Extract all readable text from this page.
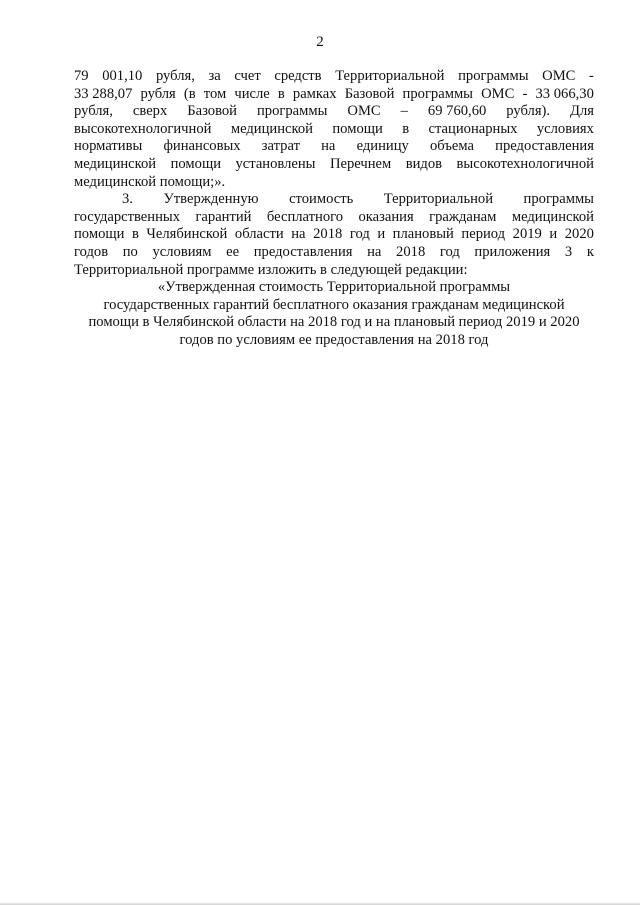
2
79 001,10 рубля, за счет средств Территориальной программы ОМС -
33 288,07 рубля (в том числе в рамках Базовой программы ОМС - 33 066,30
рубля, сверх Базовой программы ОМС – 69 760,60 рубля). Для
высокотехнологичной медицинской помощи в стационарных условиях
нормативы финансовых затрат на единицу объема предоставления
медицинской помощи установлены Перечнем видов высокотехнологичной
медицинской помощи;».
3. Утвержденную стоимость Территориальной программы
государственных гарантий бесплатного оказания гражданам медицинской
помощи в Челябинской области на 2018 год и плановый период 2019 и 2020
годов по условиям ее предоставления на 2018 год приложения 3 к
Территориальной программе изложить в следующей редакции:
«Утвержденная стоимость Территориальной программы
государственных гарантий бесплатного оказания гражданам медицинской
помощи в Челябинской области на 2018 год и на плановый период 2019 и 2020
годов по условиям ее предоставления на 2018 год
